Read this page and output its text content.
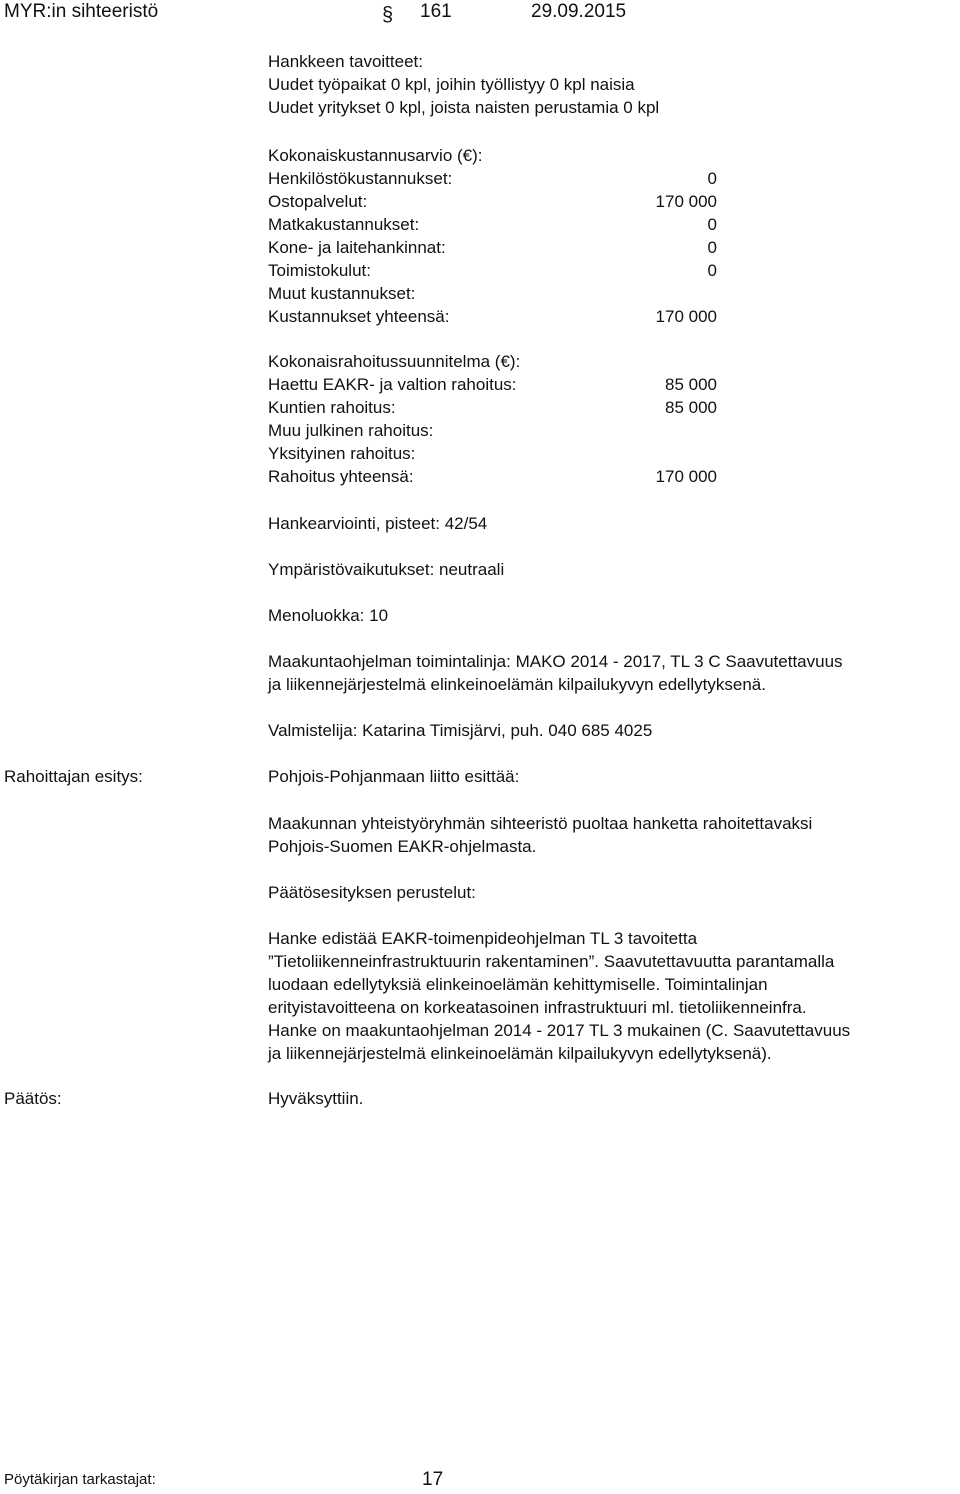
MYR:in sihteeristö	§ 161	29.09.2015
Hankkeen tavoitteet:
Uudet työpaikat 0 kpl, joihin työllistyy 0 kpl naisia
Uudet yritykset 0 kpl, joista naisten perustamia 0 kpl
Kokonaiskustannusarvio (€):
Henkilöstökustannukset:	0
Ostopalvelut:	170 000
Matkakustannukset:	0
Kone- ja laitehankinnat:	0
Toimistokulut:	0
Muut kustannukset:
Kustannukset yhteensä:	170 000
Kokonaisrahoitussuunnitelma (€):
Haettu EAKR- ja valtion rahoitus:	85 000
Kuntien rahoitus:	85 000
Muu julkinen rahoitus:
Yksityinen rahoitus:
Rahoitus yhteensä:	170 000
Hankearviointi, pisteet: 42/54
Ympäristövaikutukset: neutraali
Menoluokka: 10
Maakuntaohjelman toimintalinja: MAKO 2014 - 2017, TL 3 C Saavutettavuus
ja liikennejärjestelmä elinkeinoelämän kilpailukyvyn edellytyksenä.
Valmistelija: Katarina Timisjärvi, puh. 040 685 4025
Rahoittajan esitys:	Pohjois-Pohjanmaan liitto esittää:
Maakunnan yhteistyöryhmän sihteeristö puoltaa hanketta rahoitettavaksi
Pohjois-Suomen EAKR-ohjelmasta.
Päätösesityksen perustelut:
Hanke edistää EAKR-toimenpideohjelman TL 3 tavoitetta
”Tietoliikenneinfrastruktuurin rakentaminen”. Saavutettavuutta parantamalla
luodaan edellytyksiä elinkeinoelämän kehittymiselle. Toimintalinjan
erityistavoitteena on korkeatasoinen infrastruktuuri ml. tietoliikenneinfra.
Hanke on maakuntaohjelman 2014 - 2017 TL 3 mukainen (C. Saavutettavuus
ja liikennejärjestelmä elinkeinoelämän kilpailukyvyn edellytyksenä).
Päätös:	Hyväksyttiin.
Pöytäkirjan tarkastajat:	17
